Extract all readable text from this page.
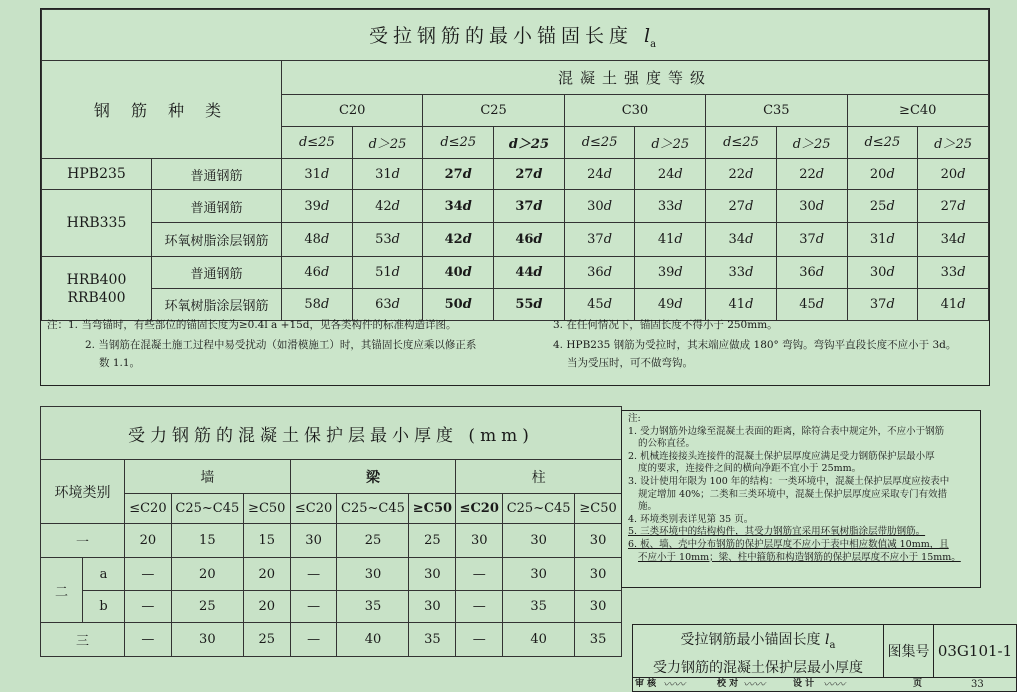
受拉钢筋的最小锚固长度 $l_a$
钢 筋 种 类		混凝土强度等级									
		C20		C25		C30		C35		≥C40	
		d≤25	d＞25	d≤25	d＞25	d≤25	d＞25	d≤25	d＞25	d≤25	d＞25
HPB235	普通钢筋	31d	31d	27d	27d	24d	24d	22d	22d	20d	20d
HRB335	普通钢筋	39d	42d	34d	37d	30d	33d	27d	30d	25d	27d
	环氧树脂涂层钢筋	48d	53d	42d	46d	37d	41d	34d	37d	31d	34d
HRB400 RRB400	普通钢筋	46d	51d	40d	44d	36d	39d	33d	36d	30d	33d
	环氧树脂涂层钢筋	58d	63d	50d	55d	45d	49d	41d	45d	37d	41d
注：1. 当弯锚时，有些部位的锚固长度为≥0.4l a +15d，见各类构件的标准构造详图。
2. 当钢筋在混凝土施工过程中易受扰动（如滑模施工）时，其锚固长度应乘以修正系
数 1.1。
3. 在任何情况下，锚固长度不得小于 250mm。
4. HPB235 钢筋为受拉时，其末端应做成 180° 弯钩。弯钩平直段长度不应小于 3d。
当为受压时，可不做弯钩。
受力钢筋的混凝土保护层最小厚度 (mm)										
环境类别		墙			梁			柱		
		≤C20	C25~C45	≥C50	≤C20	C25~C45	≥C50	≤C20	C25~C45	≥C50
一		20	15	15	30	25	25	30	30	30
二	a	—	20	20	—	30	30	—	30	30
	b	—	25	20	—	35	30	—	35	30
三		—	30	25	—	40	35	—	40	35

注:

1. 受力钢筋外边缘至混凝土表面的距离，除符合表中规定外，不应小于钢筋

的公称直径。

2. 机械连接接头连接件的混凝土保护层厚度应满足受力钢筋保护层最小厚

度的要求，连接件之间的横向净距不宜小于 25mm。

3. 设计使用年限为 100 年的结构：一类环境中，混凝土保护层厚度应按表中

规定增加 40%；二类和三类环境中，混凝土保护层厚度应采取专门有效措

施。

4. 环境类别表详见第 35 页。

5. 三类环境中的结构构件，其受力钢筋宜采用环氧树脂涂层带肋钢筋。

6. 板、墙、壳中分布钢筋的保护层厚度不应小于表中相应数值减 10mm，且

不应小于 10mm；梁、柱中箍筋和构造钢筋的保护层厚度不应小于 15mm。

受拉钢筋最小锚固长度 $l_a$
受力钢筋的混凝土保护层最小厚度
图集号 03G101-1
审 核 〰〰	校 对 〰〰	设 计 〰〰	页	33
